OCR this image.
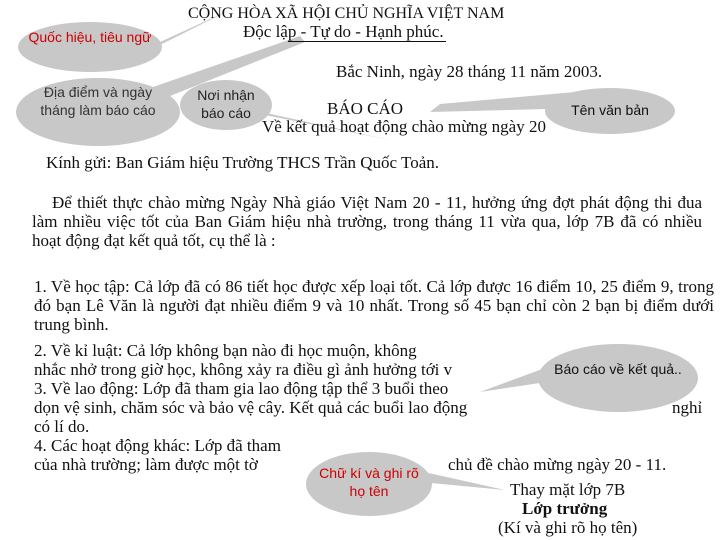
CỘNG HÒA XÃ HỘI CHỦ NGHĨA VIỆT NAM
Độc lập - Tự do - Hạnh phúc.
Bắc Ninh, ngày 28 tháng 11 năm 2003.
BÁO CÁO
Về kết quả hoạt động chào mừng ngày 20
Kính gửi: Ban Giám hiệu Trường THCS Trần Quốc Toản.
Để thiết thực chào mừng Ngày Nhà giáo Việt Nam 20 - 11, hưởng ứng đợt phát động thi đua làm nhiều việc tốt của Ban Giám hiệu nhà trường, trong tháng 11 vừa qua, lớp 7B đã có nhiều hoạt động đạt kết quả tốt, cụ thể là :
1. Về học tập: Cả lớp đã có 86 tiết học được xếp loại tốt. Cả lớp được 16 điểm 10, 25 điểm 9, trong đó bạn Lê Văn là người đạt nhiều điểm 9 và 10 nhất. Trong số 45 bạn chỉ còn 2 bạn bị điểm dưới trung bình.
2. Về kỉ luật: Cả lớp không bạn nào đi học muộn, không
nhắc nhở trong giờ học, không xảy ra điều gì ảnh hưởng tới v
3. Về lao động: Lớp đã tham gia lao động tập thể 3 buổi theo
dọn vệ sinh, chăm sóc và bảo vệ cây. Kết quả các buổi lao động	nghỉ
có lí do.
4. Các hoạt động khác: Lớp đã tham
của nhà trường; làm được một tờ	chủ đề chào mừng ngày 20 - 11.
Thay mặt lớp 7B
Lớp trưởng
(Kí và ghi rõ họ tên)
Quốc hiệu, tiêu ngữ
Địa điểm và ngày tháng làm báo cáo
Nơi nhận báo cáo	Tên văn bản
Báo cáo về kết quả..
Chữ kí và ghi rõ họ tên
